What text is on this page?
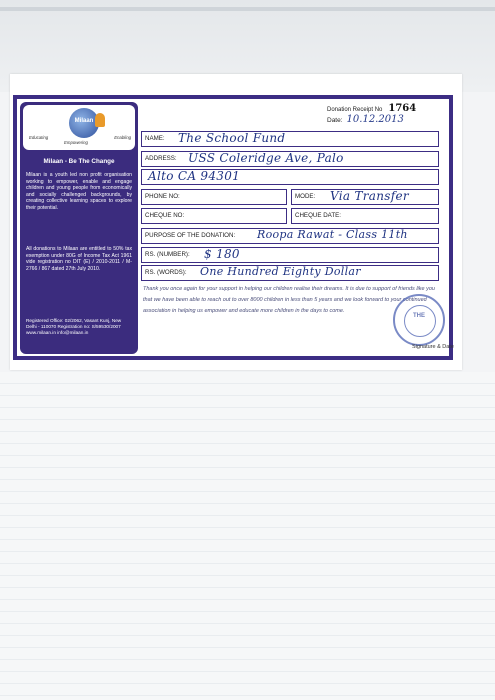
Milaan
Educating
Empowering
Enabling
Milaan - Be The Change
Milaan is a youth led non profit organisation working to empower, enable and engage children and young people from economically and socially challenged backgrounds, by creating collective learning spaces to explore their potential.
All donations to Milaan are entitled to 50% tax exemption under 80G of Income Tax Act 1961 vide registration no DIT (E) / 2010-2011 / M-2766 / 867 dated 27th July 2010.
Registered Office: 02/2062, Vasant Kunj, New Delhi - 110070 Registration no: S/59530/2007 www.milaan.in info@milaan.in
Donation Receipt No 1764
Date: 10.12.2013
NAME: The School Fund
ADDRESS: USS Coleridge Ave, Palo
Alto CA 94301
PHONE NO:	MODE: Via Transfer
CHEQUE NO:	CHEQUE DATE:
PURPOSE OF THE DONATION: Roopa Rawat - Class 11th
RS. (NUMBER): $ 180
RS. (WORDS): One Hundred Eighty Dollar
Thank you once again for your support in helping our children realise their dreams. It is due to support of friends like you that we have been able to reach out to over 8000 children in less than 5 years and we look forward to your continued association in helping us empower and educate more children in the days to come.
THE
Signature & Date
